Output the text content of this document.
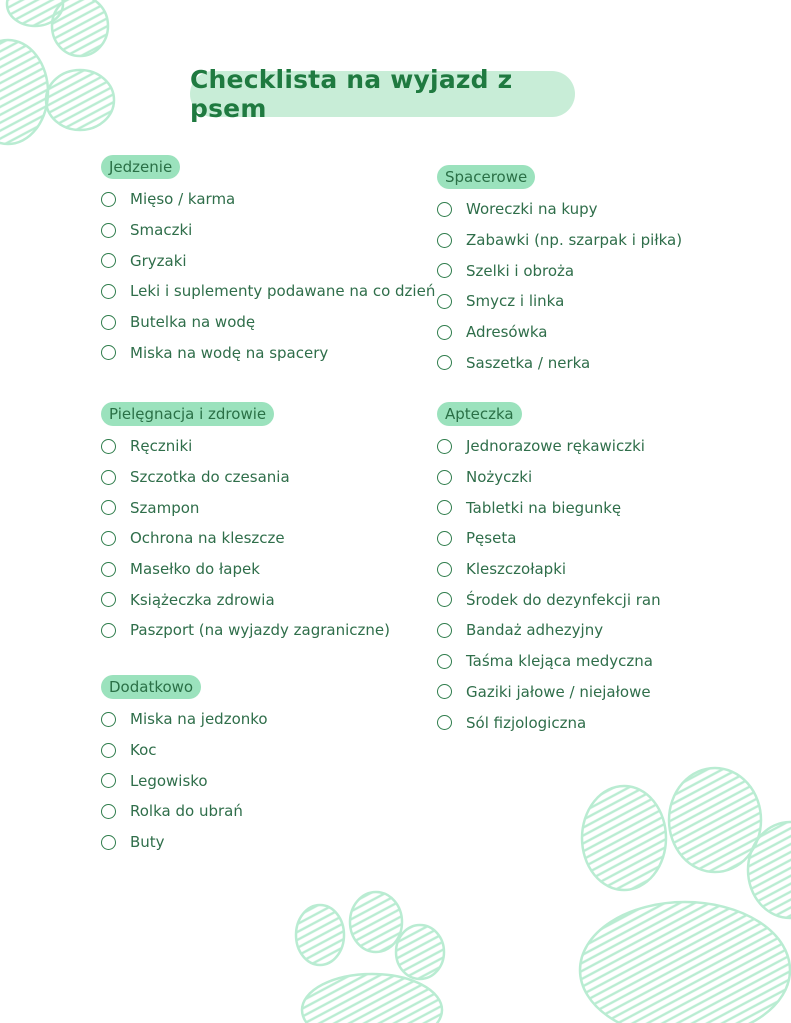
Checklista na wyjazd z psem
Jedzenie
Mięso / karma
Smaczki
Gryzaki
Leki i suplementy podawane na co dzień
Butelka na wodę
Miska na wodę na spacery
Spacerowe
Woreczki na kupy
Zabawki (np. szarpak i piłka)
Szelki i obroża
Smycz i linka
Adresówka
Saszetka / nerka
Pielęgnacja i zdrowie
Ręczniki
Szczotka do czesania
Szampon
Ochrona na kleszcze
Masełko do łapek
Książeczka zdrowia
Paszport (na wyjazdy zagraniczne)
Apteczka
Jednorazowe rękawiczki
Nożyczki
Tabletki na biegunkę
Pęseta
Kleszczołapki
Środek do dezynfekcji ran
Bandaż adhezyjny
Taśma klejąca medyczna
Gaziki jałowe / niejałowe
Sól fizjologiczna
Dodatkowo
Miska na jedzonko
Koc
Legowisko
Rolka do ubrań
Buty
